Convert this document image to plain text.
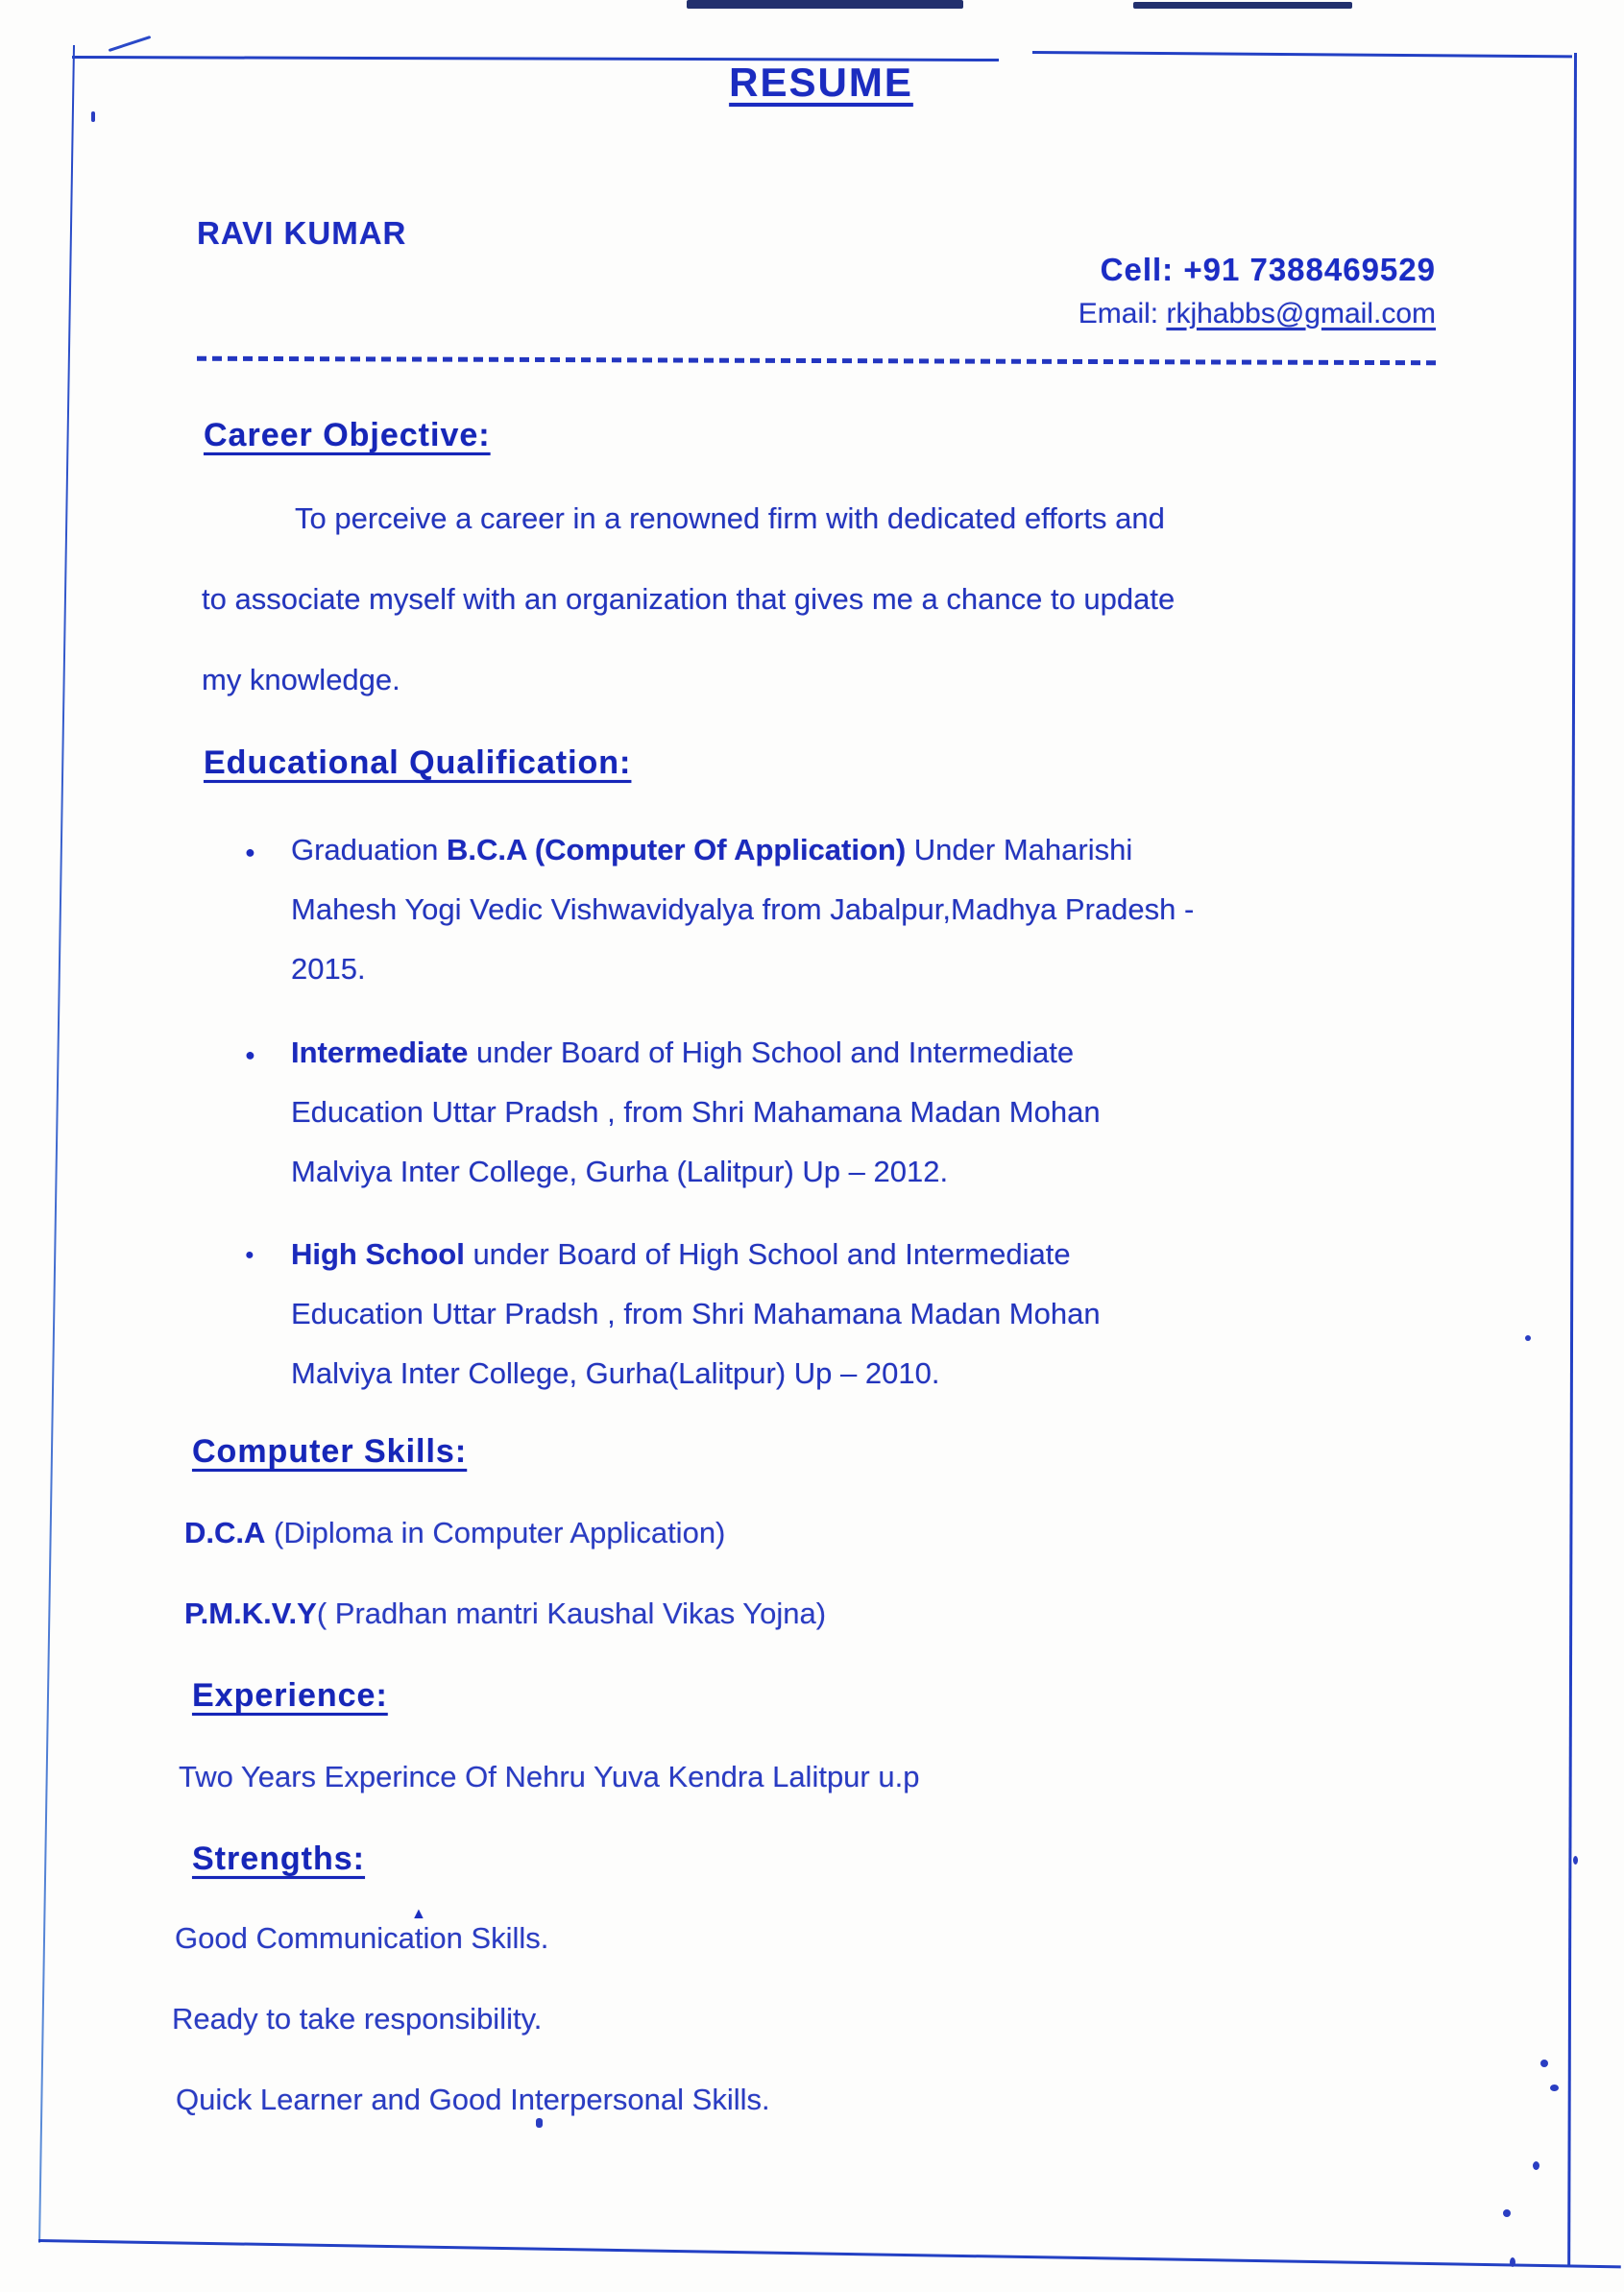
▲
RESUME
RAVI KUMAR
Cell: +91 7388469529
Email: rkjhabbs@gmail.com
Career Objective:
To perceive a career in a renowned firm with dedicated efforts and
to associate myself with an organization that gives me a chance to update
my knowledge.
Educational Qualification:
● Graduation B.C.A (Computer Of Application) Under Maharishi
Mahesh Yogi Vedic Vishwavidyalya from Jabalpur,Madhya Pradesh -
2015.
● Intermediate under Board of High School and Intermediate
Education Uttar Pradsh , from Shri Mahamana Madan Mohan
Malviya Inter College, Gurha (Lalitpur) Up – 2012.
● High School under Board of High School and Intermediate
Education Uttar Pradsh , from Shri Mahamana Madan Mohan
Malviya Inter College, Gurha(Lalitpur) Up – 2010.
Computer Skills:
D.C.A (Diploma in Computer Application)
P.M.K.V.Y( Pradhan mantri Kaushal Vikas Yojna)
Experience:
Two Years Experince Of Nehru Yuva Kendra Lalitpur u.p
Strengths:
Good Communication Skills.
Ready to take responsibility.
Quick Learner and Good Interpersonal Skills.
